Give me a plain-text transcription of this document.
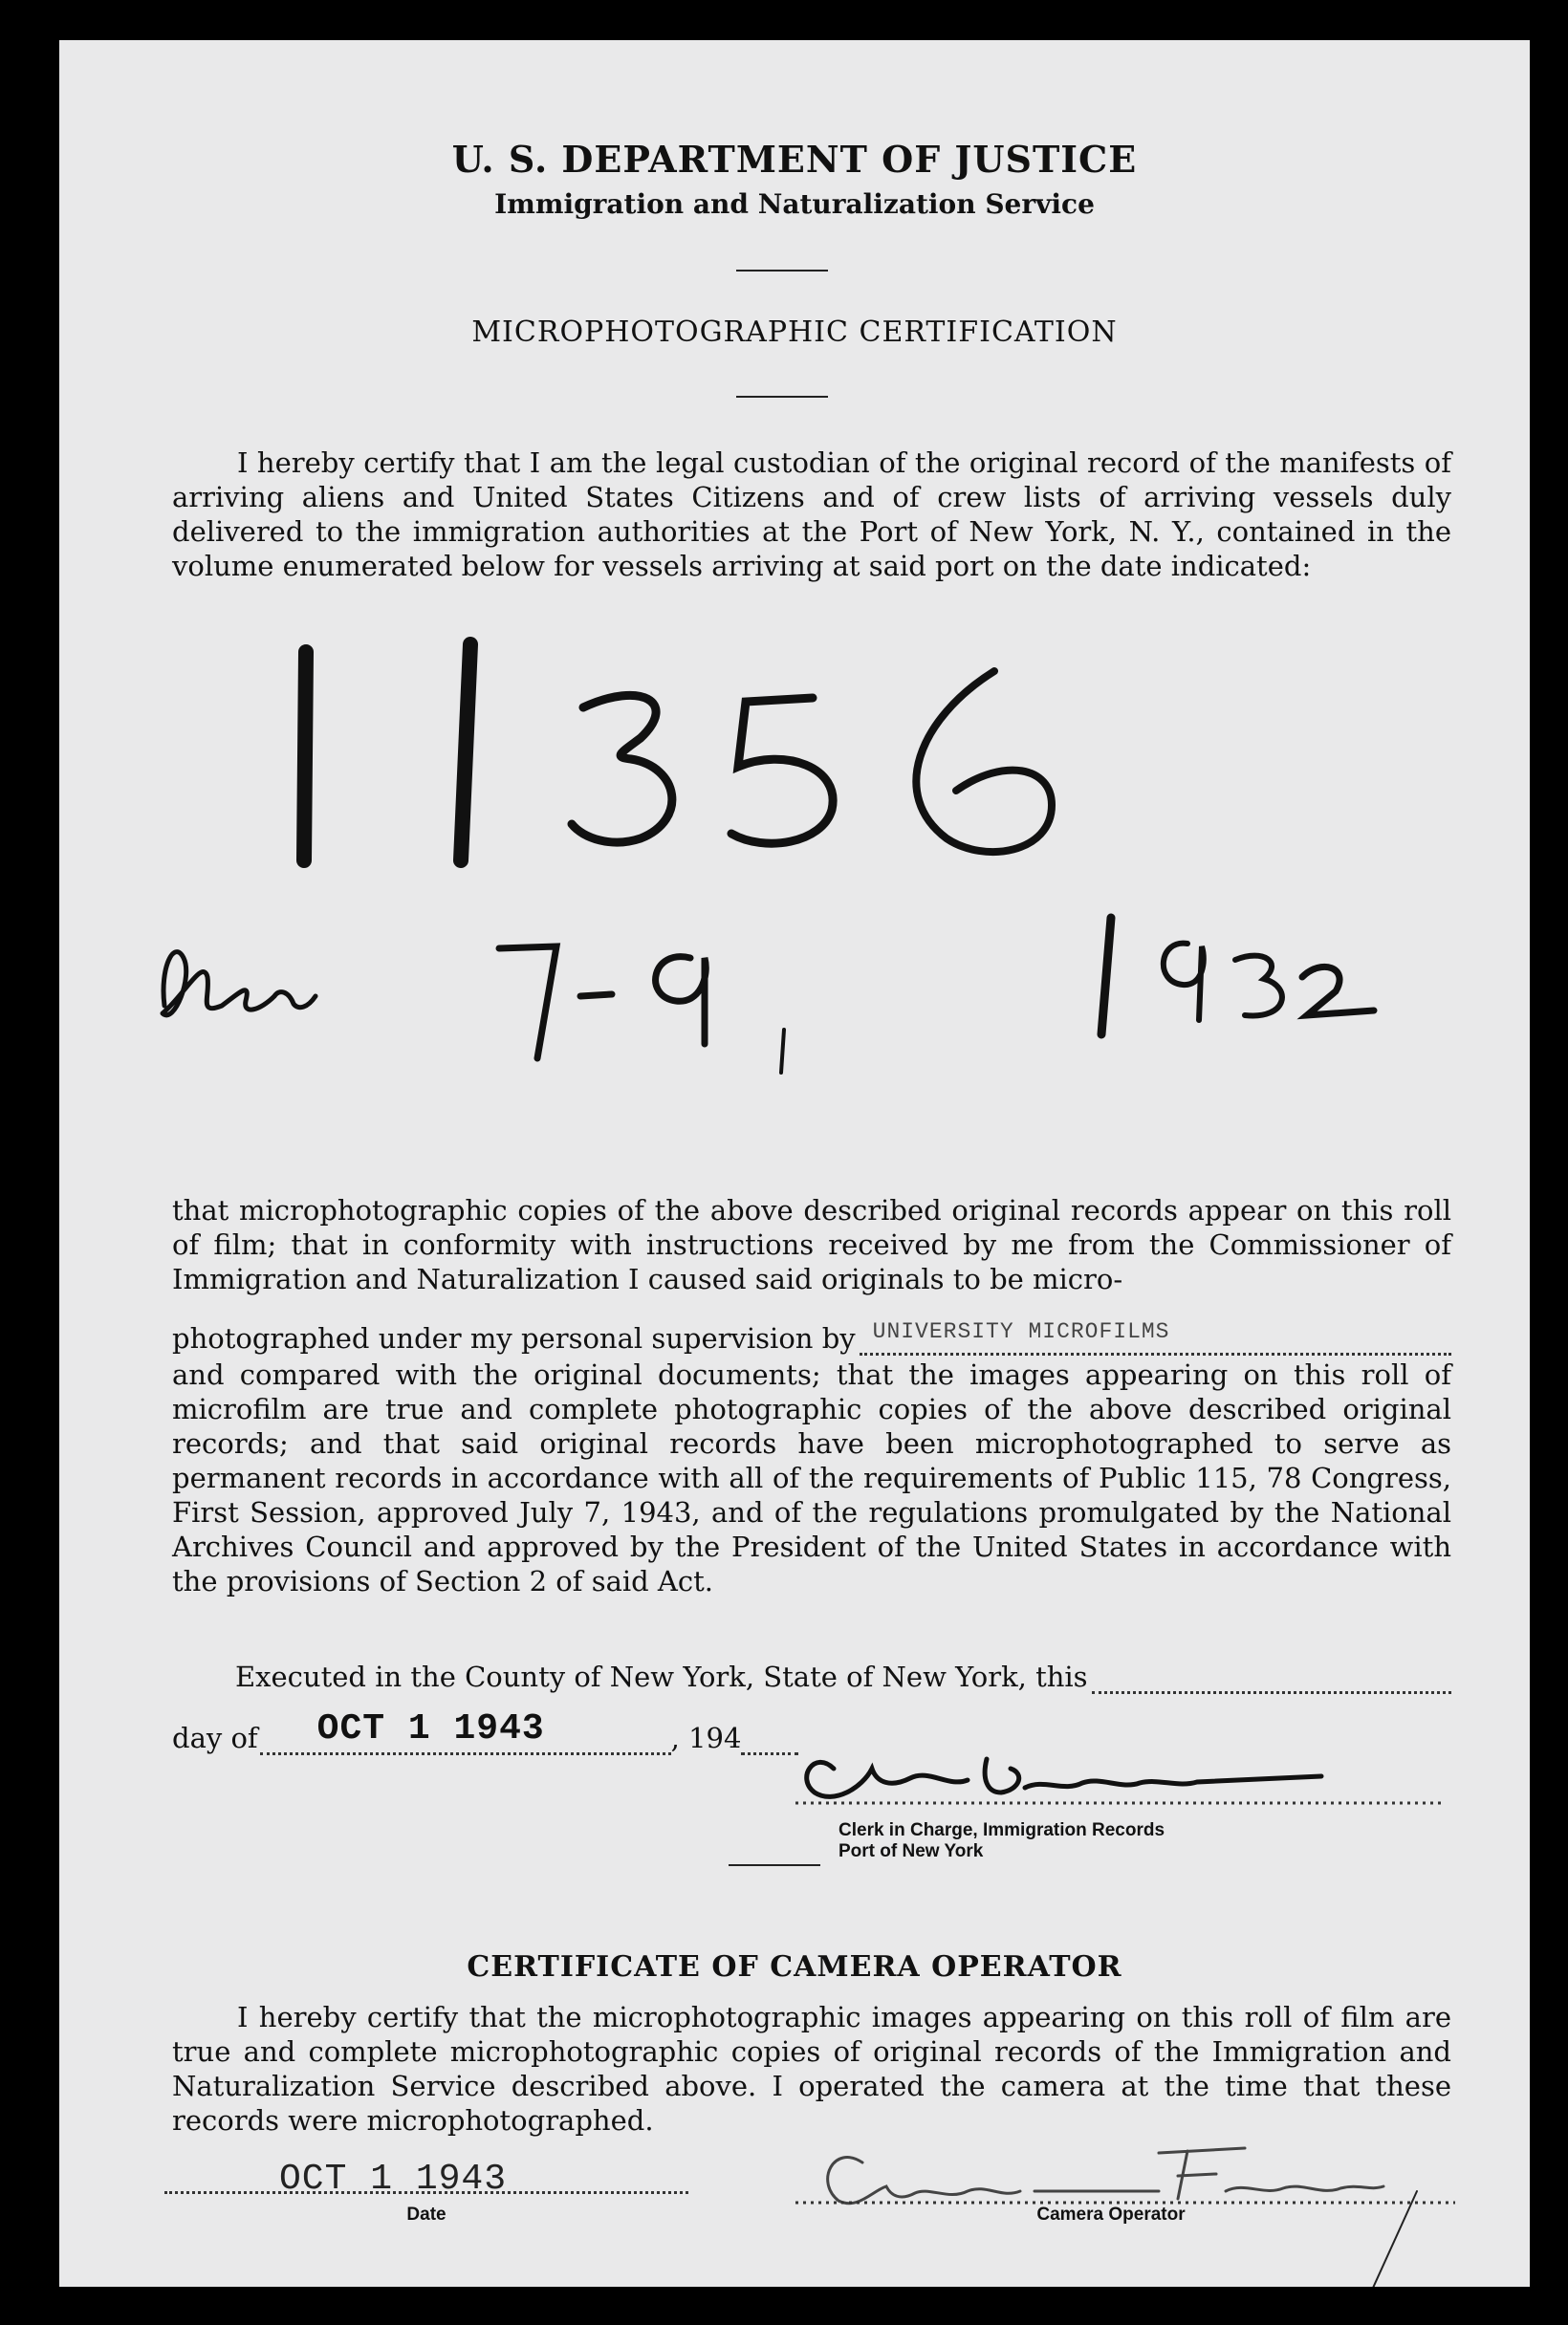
U. S. DEPARTMENT OF JUSTICE
Immigration and Naturalization Service
MICROPHOTOGRAPHIC CERTIFICATION
I hereby certify that I am the legal custodian of the original record of the manifests of arriving aliens and United States Citizens and of crew lists of arriving vessels duly delivered to the immigration authorities at the Port of New York, N. Y., contained in the volume enumerated below for vessels arriving at said port on the date indicated:
that microphotographic copies of the above described original records appear on this roll of film; that in conformity with instructions received by me from the Commissioner of Immigration and Naturalization I caused said originals to be micro-
photographed under my personal supervision by UNIVERSITY MICROFILMS
and compared with the original documents; that the images appearing on this roll of microfilm are true and complete photographic copies of the above described original records; and that said original records have been microphotographed to serve as permanent records in accordance with all of the requirements of Public 115, 78 Congress, First Session, approved July 7, 1943, and of the regulations promulgated by the National Archives Council and approved by the President of the United States in accordance with the provisions of Section 2 of said Act.
Executed in the County of New York, State of New York, this
day of OCT 1 1943	, 194
Clerk in Charge, Immigration Records
Port of New York
CERTIFICATE OF CAMERA OPERATOR
I hereby certify that the microphotographic images appearing on this roll of film are true and complete microphotographic copies of original records of the Immigration and Naturalization Service described above. I operated the camera at the time that these records were microphotographed.
OCT 1 1943
Date	Camera Operator
